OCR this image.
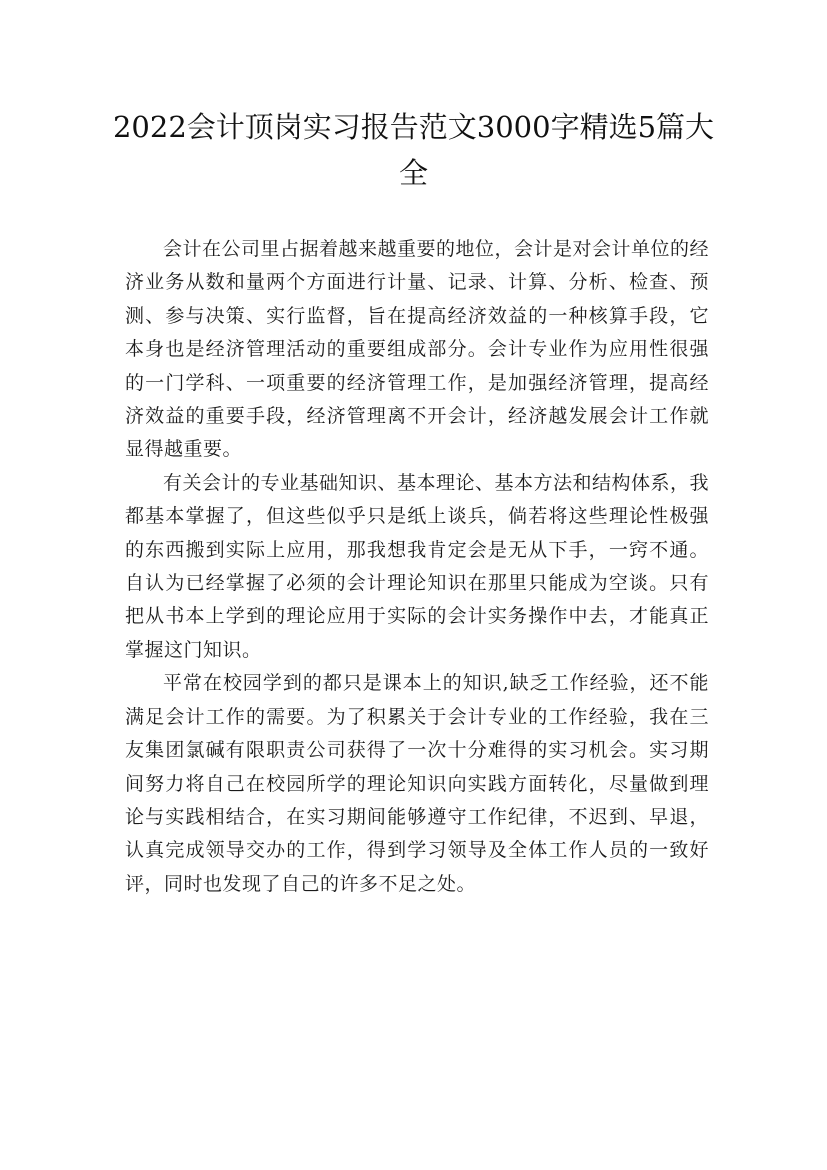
2022会计顶岗实习报告范文3000字精选5篇大全

会计在公司里占据着越来越重要的地位，会计是对会计单位的经济业务从数和量两个方面进行计量、记录、计算、分析、检查、预测、参与决策、实行监督，旨在提高经济效益的一种核算手段，它本身也是经济管理活动的重要组成部分。会计专业作为应用性很强的一门学科、一项重要的经济管理工作，是加强经济管理，提高经济效益的重要手段，经济管理离不开会计，经济越发展会计工作就显得越重要。

有关会计的专业基础知识、基本理论、基本方法和结构体系，我都基本掌握了，但这些似乎只是纸上谈兵，倘若将这些理论性极强的东西搬到实际上应用，那我想我肯定会是无从下手，一窍不通。自认为已经掌握了必须的会计理论知识在那里只能成为空谈。只有把从书本上学到的理论应用于实际的会计实务操作中去，才能真正掌握这门知识。

平常在校园学到的都只是课本上的知识,缺乏工作经验，还不能满足会计工作的需要。为了积累关于会计专业的工作经验，我在三友集团氯碱有限职责公司获得了一次十分难得的实习机会。实习期间努力将自己在校园所学的理论知识向实践方面转化，尽量做到理论与实践相结合，在实习期间能够遵守工作纪律，不迟到、早退，认真完成领导交办的工作，得到学习领导及全体工作人员的一致好评，同时也发现了自己的许多不足之处。
